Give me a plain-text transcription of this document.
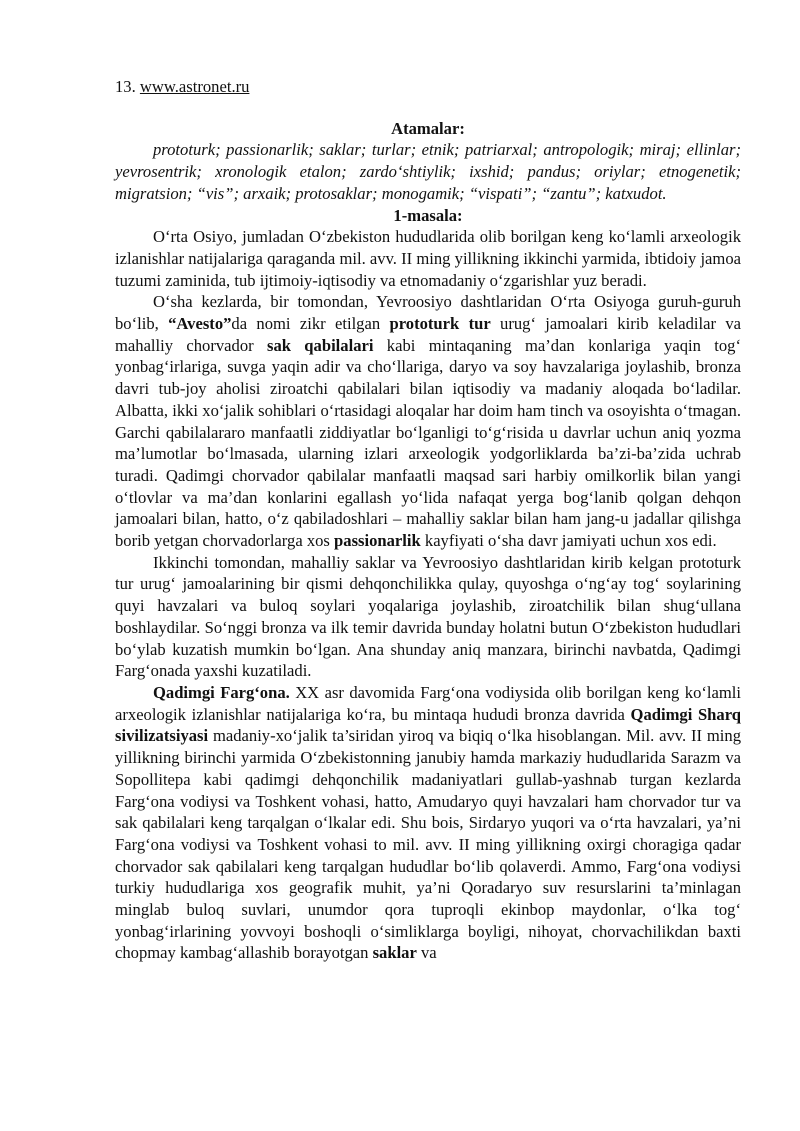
13. www.astronet.ru

Atamalar:

prototurk; passionarlik; saklar; turlar; etnik; patriarxal; antropologik; miraj; ellinlar; yevrosentrik; xronologik etalon; zardo‘shtiylik; ixshid; pandus; oriylar; etnogenetik; migratsion; “vis”; arxaik; protosaklar; monogamik; “vispati”; “zantu”; katxudot.

1-masala:

O‘rta Osiyo, jumladan O‘zbekiston hududlarida olib borilgan keng ko‘lamli arxeologik izlanishlar natijalariga qaraganda mil. avv. II ming yillikning ikkinchi yarmida, ibtidoiy jamoa tuzumi zaminida, tub ijtimoiy-iqtisodiy va etnomadaniy o‘zgarishlar yuz beradi.

O‘sha kezlarda, bir tomondan, Yevroosiyo dashtlaridan O‘rta Osiyoga guruh-guruh bo‘lib, “Avesto”da nomi zikr etilgan prototurk tur urug‘ jamoalari kirib keladilar va mahalliy chorvador sak qabilalari kabi mintaqaning ma’dan konlariga yaqin tog‘ yonbag‘irlariga, suvga yaqin adir va cho‘llariga, daryo va soy havzalariga joylashib, bronza davri tub-joy aholisi ziroatchi qabilalari bilan iqtisodiy va madaniy aloqada bo‘ladilar. Albatta, ikki xo‘jalik sohiblari o‘rtasidagi aloqalar har doim ham tinch va osoyishta o‘tmagan. Garchi qabilalararo manfaatli ziddiyatlar bo‘lganligi to‘g‘risida u davrlar uchun aniq yozma ma’lumotlar bo‘lmasada, ularning izlari arxeologik yodgorliklarda ba’zi-ba’zida uchrab turadi. Qadimgi chorvador qabilalar manfaatli maqsad sari harbiy omilkorlik bilan yangi o‘tlovlar va ma’dan konlarini egallash yo‘lida nafaqat yerga bog‘lanib qolgan dehqon jamoalari bilan, hatto, o‘z qabiladoshlari – mahalliy saklar bilan ham jang-u jadallar qilishga borib yetgan chorvadorlarga xos passionarlik kayfiyati o‘sha davr jamiyati uchun xos edi.

Ikkinchi tomondan, mahalliy saklar va Yevroosiyo dashtlaridan kirib kelgan prototurk tur urug‘ jamoalarining bir qismi dehqonchilikka qulay, quyoshga o‘ng‘ay tog‘ soylarining quyi havzalari va buloq soylari yoqalariga joylashib, ziroatchilik bilan shug‘ullana boshlaydilar. So‘nggi bronza va ilk temir davrida bunday holatni butun O‘zbekiston hududlari bo‘ylab kuzatish mumkin bo‘lgan. Ana shunday aniq manzara, birinchi navbatda, Qadimgi Farg‘onada yaxshi kuzatiladi.

Qadimgi Farg‘ona. XX asr davomida Farg‘ona vodiysida olib borilgan keng ko‘lamli arxeologik izlanishlar natijalariga ko‘ra, bu mintaqa hududi bronza davrida Qadimgi Sharq sivilizatsiyasi madaniy-xo‘jalik ta’siridan yiroq va biqiq o‘lka hisoblangan. Mil. avv. II ming yillikning birinchi yarmida O‘zbekistonning janubiy hamda markaziy hududlarida Sarazm va Sopollitepa kabi qadimgi dehqonchilik madaniyatlari gullab-yashnab turgan kezlarda Farg‘ona vodiysi va Toshkent vohasi, hatto, Amudaryo quyi havzalari ham chorvador tur va sak qabilalari keng tarqalgan o‘lkalar edi. Shu bois, Sirdaryo yuqori va o‘rta havzalari, ya’ni Farg‘ona vodiysi va Toshkent vohasi to mil. avv. II ming yillikning oxirgi choragiga qadar chorvador sak qabilalari keng tarqalgan hududlar bo‘lib qolaverdi. Ammo, Farg‘ona vodiysi turkiy hududlariga xos geografik muhit, ya’ni Qoradaryo suv resurslarini ta’minlagan minglab buloq suvlari, unumdor qora tuproqli ekinbop maydonlar, o‘lka tog‘ yonbag‘irlarining yovvoyi boshoqli o‘simliklarga boyligi, nihoyat, chorvachilikdan baxti chopmay kambag‘allashib borayotgan saklar va
